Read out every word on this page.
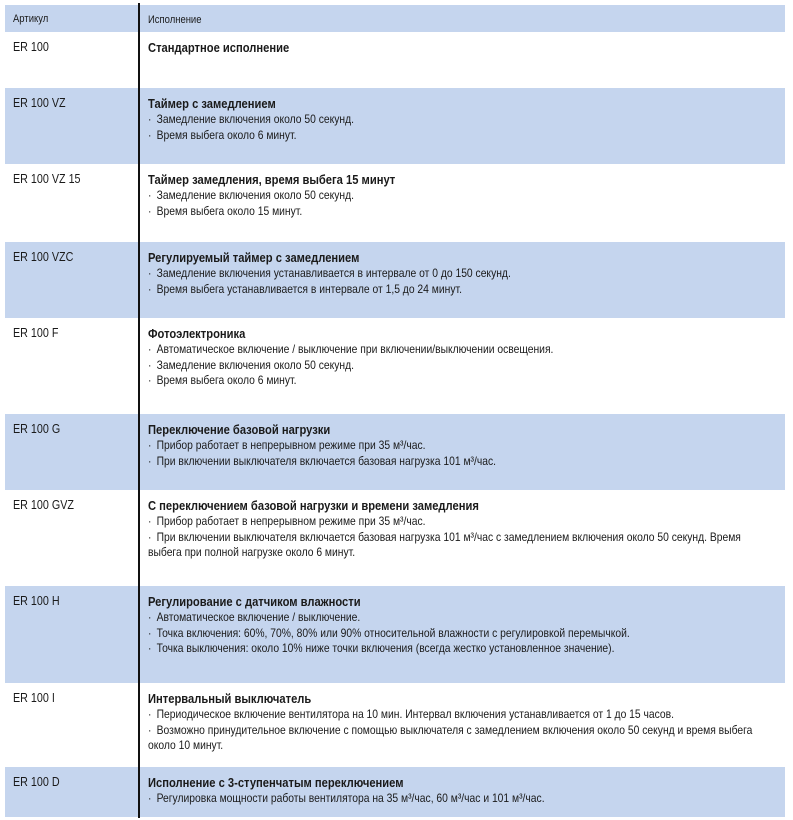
Артикул	Исполнение
ER 100	Стандартное исполнение
ER 100 VZ	Таймер с замедлением
· Замедление включения около 50 секунд.
· Время выбега около 6 минут.
ER 100 VZ 15	Таймер замедления, время выбега 15 минут
· Замедление включения около 50 секунд.
· Время выбега около 15 минут.
ER 100 VZC	Регулируемый таймер с замедлением
· Замедление включения устанавливается в интервале от 0 до 150 секунд.
· Время выбега устанавливается в интервале от 1,5 до 24 минут.
ER 100 F	Фотоэлектроника
· Автоматическое включение / выключение при включении/выключении освещения.
· Замедление включения около 50 секунд.
· Время выбега около 6 минут.
ER 100 G	Переключение базовой нагрузки
· Прибор работает в непрерывном режиме при 35 м³/час.
· При включении выключателя включается базовая нагрузка 101 м³/час.
ER 100 GVZ	С переключением базовой нагрузки и времени замедления
· Прибор работает в непрерывном режиме при 35 м³/час.
· При включении выключателя включается базовая нагрузка 101 м³/час с замедлением включения около 50 секунд. Время выбега при полной нагрузке около 6 минут.
ER 100 H	Регулирование с датчиком влажности
· Автоматическое включение / выключение.
· Точка включения: 60%, 70%, 80% или 90% относительной влажности с регулировкой перемычкой.
· Точка выключения: около 10% ниже точки включения (всегда жестко установленное значение).
ER 100 I	Интервальный выключатель
· Периодическое включение вентилятора на 10 мин. Интервал включения устанавливается от 1 до 15 часов.
· Возможно принудительное включение с помощью выключателя с замедлением включения около 50 секунд и время выбега около 10 минут.
ER 100 D	Исполнение с 3-ступенчатым переключением
· Регулировка мощности работы вентилятора на 35 м³/час, 60 м³/час и 101 м³/час.
